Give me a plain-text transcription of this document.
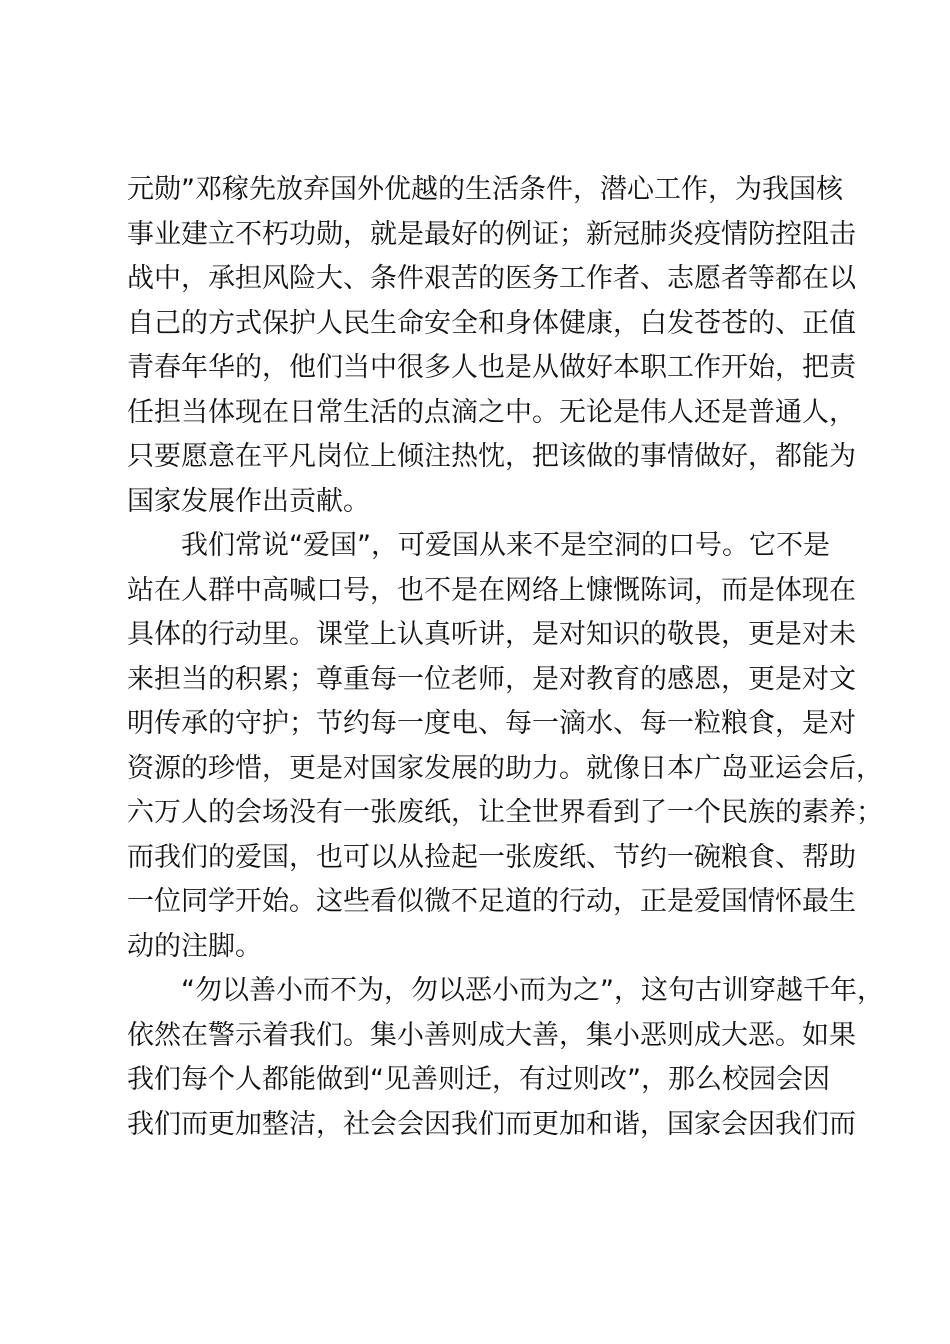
元勋”邓稼先放弃国外优越的生活条件，潜心工作，为我国核
事业建立不朽功勋，就是最好的例证；新冠肺炎疫情防控阻击
战中，承担风险大、条件艰苦的医务工作者、志愿者等都在以
自己的方式保护人民生命安全和身体健康，白发苍苍的、正值
青春年华的，他们当中很多人也是从做好本职工作开始，把责
任担当体现在日常生活的点滴之中。无论是伟人还是普通人，
只要愿意在平凡岗位上倾注热忱，把该做的事情做好，都能为
国家发展作出贡献。
　　我们常说“爱国”，可爱国从来不是空洞的口号。它不是
站在人群中高喊口号，也不是在网络上慷慨陈词，而是体现在
具体的行动里。课堂上认真听讲，是对知识的敬畏，更是对未
来担当的积累；尊重每一位老师，是对教育的感恩，更是对文
明传承的守护；节约每一度电、每一滴水、每一粒粮食，是对
资源的珍惜，更是对国家发展的助力。就像日本广岛亚运会后，
六万人的会场没有一张废纸，让全世界看到了一个民族的素养；
而我们的爱国，也可以从捡起一张废纸、节约一碗粮食、帮助
一位同学开始。这些看似微不足道的行动，正是爱国情怀最生
动的注脚。
　　“勿以善小而不为，勿以恶小而为之”，这句古训穿越千年，
依然在警示着我们。集小善则成大善，集小恶则成大恶。如果
我们每个人都能做到“见善则迁，有过则改”，那么校园会因
我们而更加整洁，社会会因我们而更加和谐，国家会因我们而
